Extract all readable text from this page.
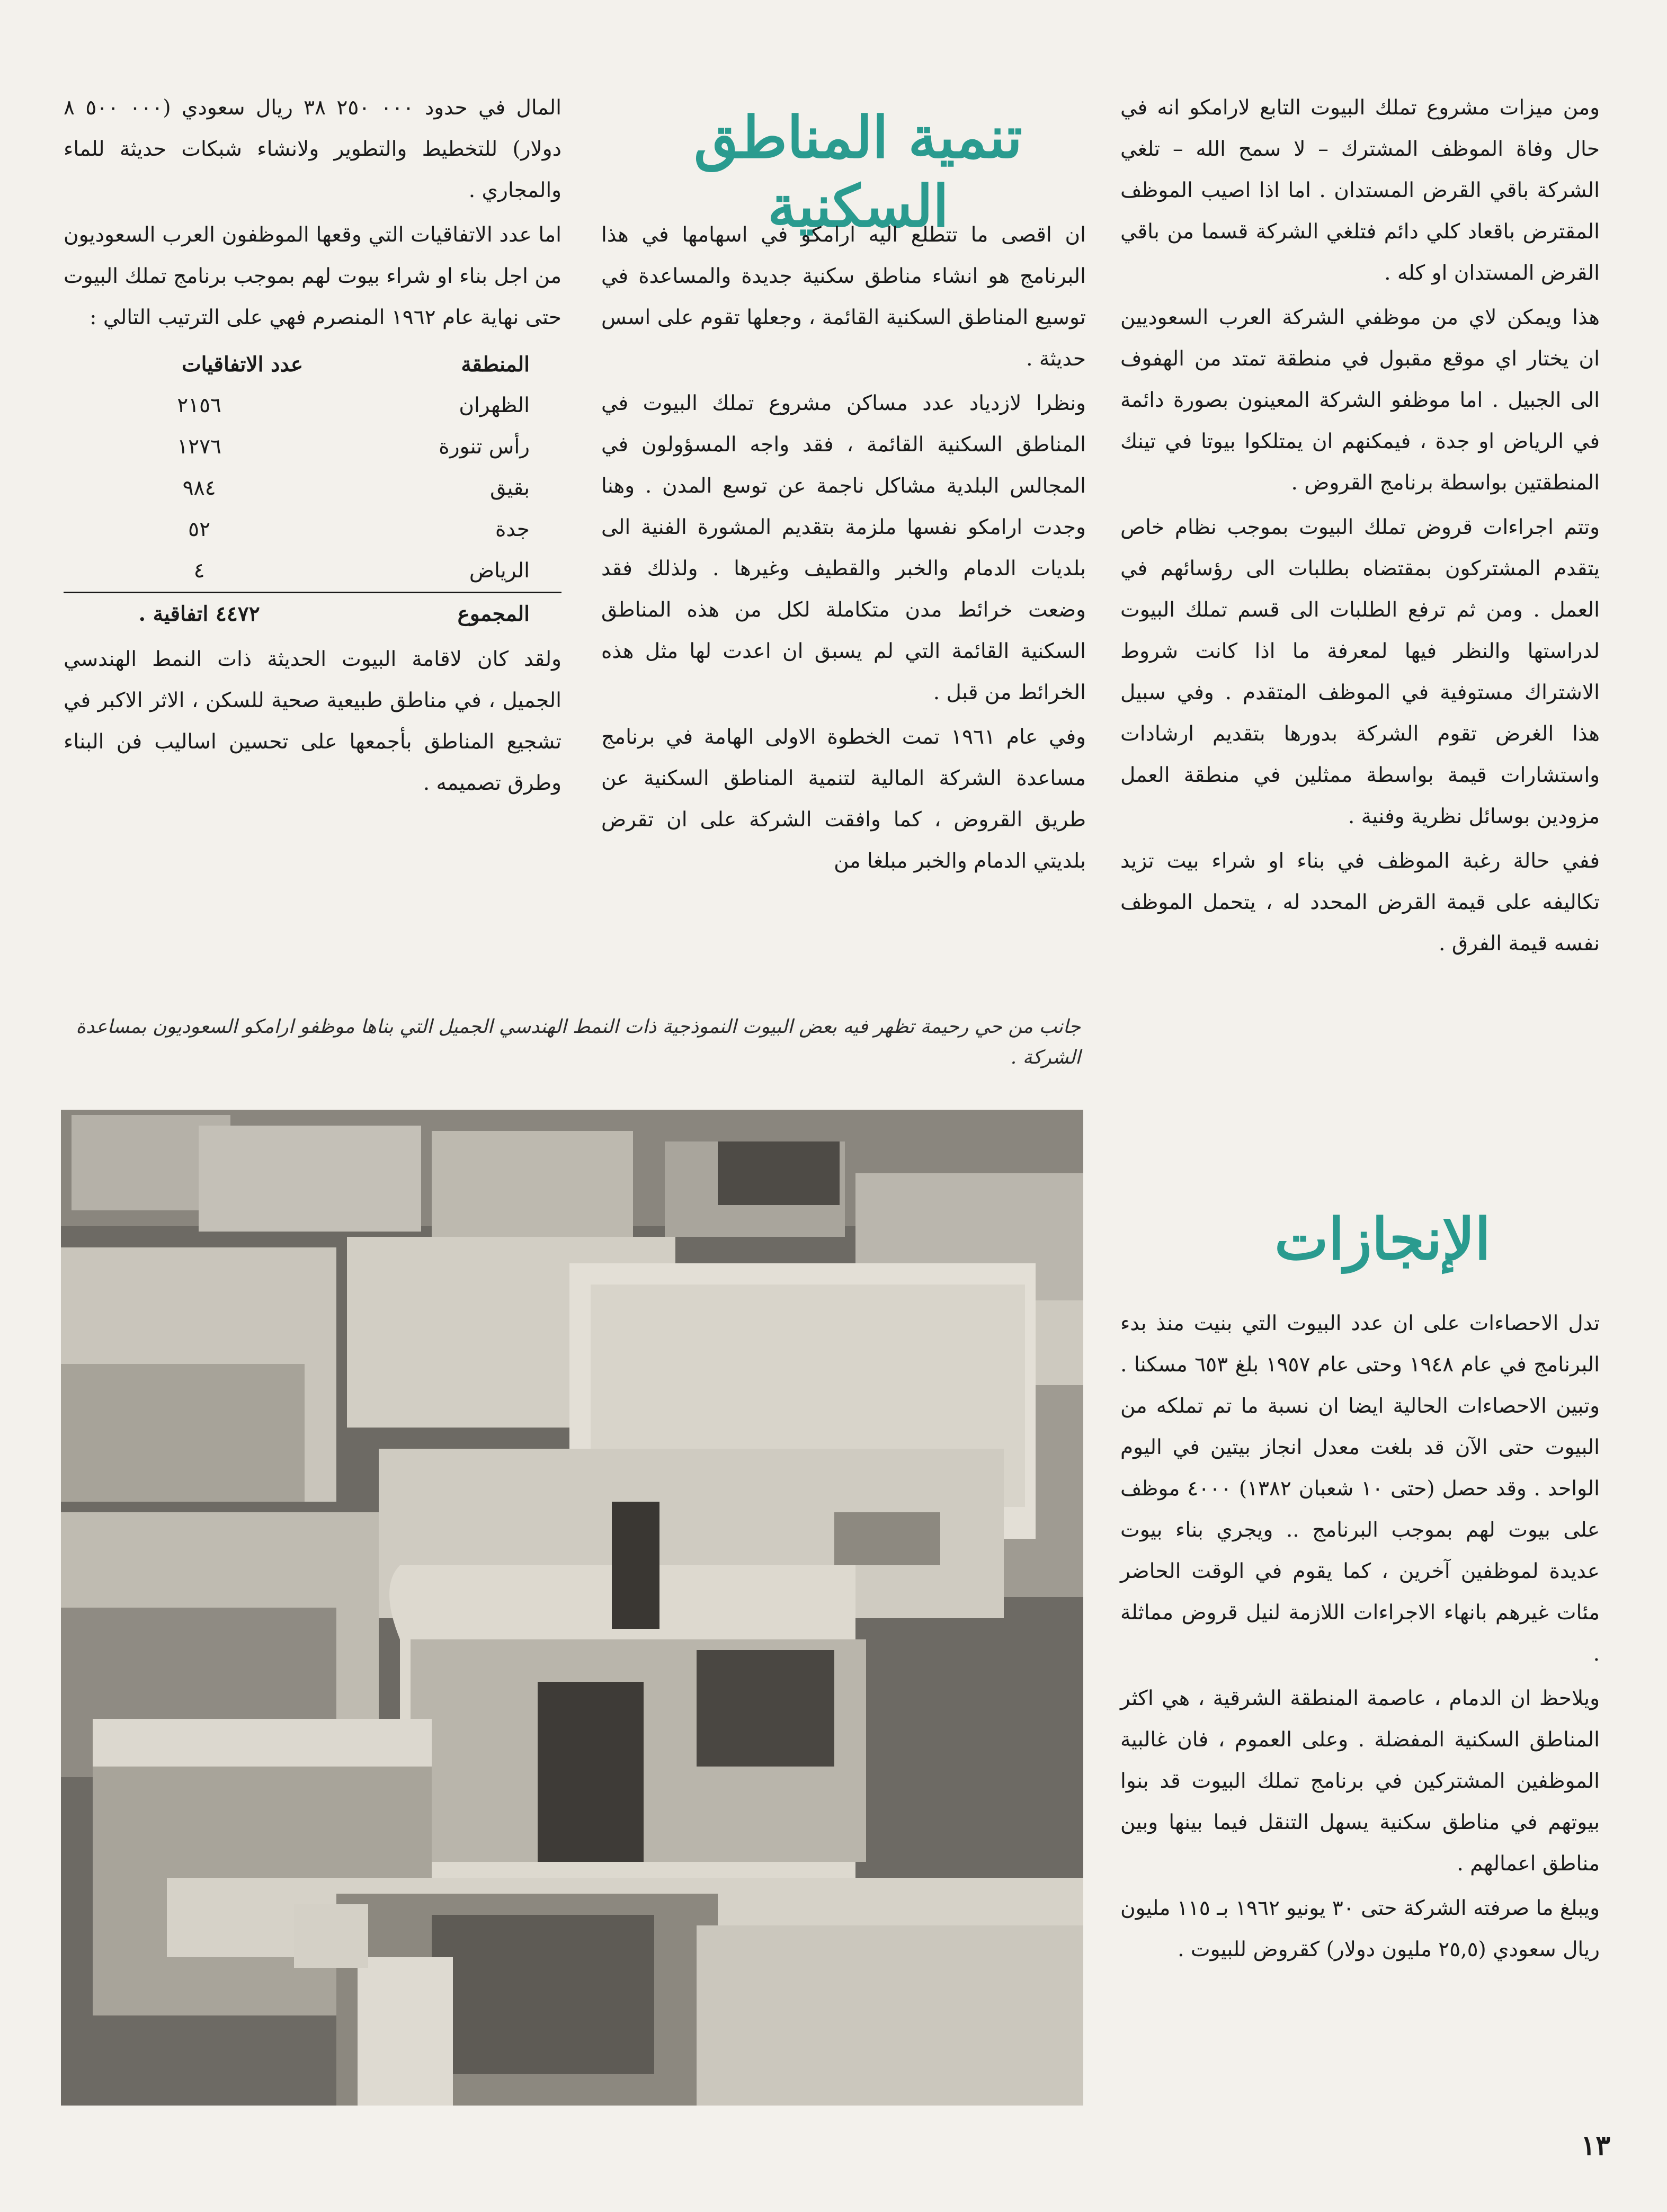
تنمية المناطق السكنية
الإنجازات

ومن ميزات مشروع تملك البيوت التابع لارامكو انه في حال وفاة الموظف المشترك – لا سمح الله – تلغي الشركة باقي القرض المستدان . اما اذا اصيب الموظف المقترض باقعاد كلي دائم فتلغي الشركة قسما من باقي القرض المستدان او كله .

هذا ويمكن لاي من موظفي الشركة العرب السعوديين ان يختار اي موقع مقبول في منطقة تمتد من الهفوف الى الجبيل . اما موظفو الشركة المعينون بصورة دائمة في الرياض او جدة ، فيمكنهم ان يمتلكوا بيوتا في تينك المنطقتين بواسطة برنامج القروض .

وتتم اجراءات قروض تملك البيوت بموجب نظام خاص يتقدم المشتركون بمقتضاه بطلبات الى رؤسائهم في العمل . ومن ثم ترفع الطلبات الى قسم تملك البيوت لدراستها والنظر فيها لمعرفة ما اذا كانت شروط الاشتراك مستوفية في الموظف المتقدم . وفي سبيل هذا الغرض تقوم الشركة بدورها بتقديم ارشادات واستشارات قيمة بواسطة ممثلين في منطقة العمل مزودين بوسائل نظرية وفنية .

ففي حالة رغبة الموظف في بناء او شراء بيت تزيد تكاليفه على قيمة القرض المحدد له ، يتحمل الموظف نفسه قيمة الفرق .

تدل الاحصاءات على ان عدد البيوت التي بنيت منذ بدء البرنامج في عام ١٩٤٨ وحتى عام ١٩٥٧ بلغ ٦٥٣ مسكنا . وتبين الاحصاءات الحالية ايضا ان نسبة ما تم تملكه من البيوت حتى الآن قد بلغت معدل انجاز بيتين في اليوم الواحد . وقد حصل (حتى ١٠ شعبان ١٣٨٢) ٤٠٠٠ موظف على بيوت لهم بموجب البرنامج .. ويجري بناء بيوت عديدة لموظفين آخرين ، كما يقوم في الوقت الحاضر مئات غيرهم بانهاء الاجراءات اللازمة لنيل قروض مماثلة .

ويلاحظ ان الدمام ، عاصمة المنطقة الشرقية ، هي اكثر المناطق السكنية المفضلة . وعلى العموم ، فان غالبية الموظفين المشتركين في برنامج تملك البيوت قد بنوا بيوتهم في مناطق سكنية يسهل التنقل فيما بينها وبين مناطق اعمالهم .

ويبلغ ما صرفته الشركة حتى ٣٠ يونيو ١٩٦٢ بـ ١١٥ مليون ريال سعودي (٢٥,٥ مليون دولار) كقروض للبيوت .

ان اقصى ما تتطلع اليه ارامكو في اسهامها في هذا البرنامج هو انشاء مناطق سكنية جديدة والمساعدة في توسيع المناطق السكنية القائمة ، وجعلها تقوم على اسس حديثة .

ونظرا لازدياد عدد مساكن مشروع تملك البيوت في المناطق السكنية القائمة ، فقد واجه المسؤولون في المجالس البلدية مشاكل ناجمة عن توسع المدن . وهنا وجدت ارامكو نفسها ملزمة بتقديم المشورة الفنية الى بلديات الدمام والخبر والقطيف وغيرها . ولذلك فقد وضعت خرائط مدن متكاملة لكل من هذه المناطق السكنية القائمة التي لم يسبق ان اعدت لها مثل هذه الخرائط من قبل .

وفي عام ١٩٦١ تمت الخطوة الاولى الهامة في برنامج مساعدة الشركة المالية لتنمية المناطق السكنية عن طريق القروض ، كما وافقت الشركة على ان تقرض بلديتي الدمام والخبر مبلغا من

المال في حدود ٠٠٠ ٢٥٠ ٣٨ ريال سعودي (٠٠٠ ٥٠٠ ٨ دولار) للتخطيط والتطوير ولانشاء شبكات حديثة للماء والمجاري .

اما عدد الاتفاقيات التي وقعها الموظفون العرب السعوديون من اجل بناء او شراء بيوت لهم بموجب برنامج تملك البيوت حتى نهاية عام ١٩٦٢ المنصرم فهي على الترتيب التالي :

المنطقة	عدد الاتفاقيات
الظهران	٢١٥٦
رأس تنورة	١٢٧٦
بقيق	٩٨٤
جدة	٥٢
الرياض	٤
المجموع	٤٤٧٢ اتفاقية .

ولقد كان لاقامة البيوت الحديثة ذات النمط الهندسي الجميل ، في مناطق طبيعية صحية للسكن ، الاثر الاكبر في تشجيع المناطق بأجمعها على تحسين اساليب فن البناء وطرق تصميمه .

جانب من حي رحيمة تظهر فيه بعض البيوت النموذجية ذات النمط الهندسي الجميل التي بناها موظفو ارامكو السعوديون بمساعدة الشركة .
١٣
